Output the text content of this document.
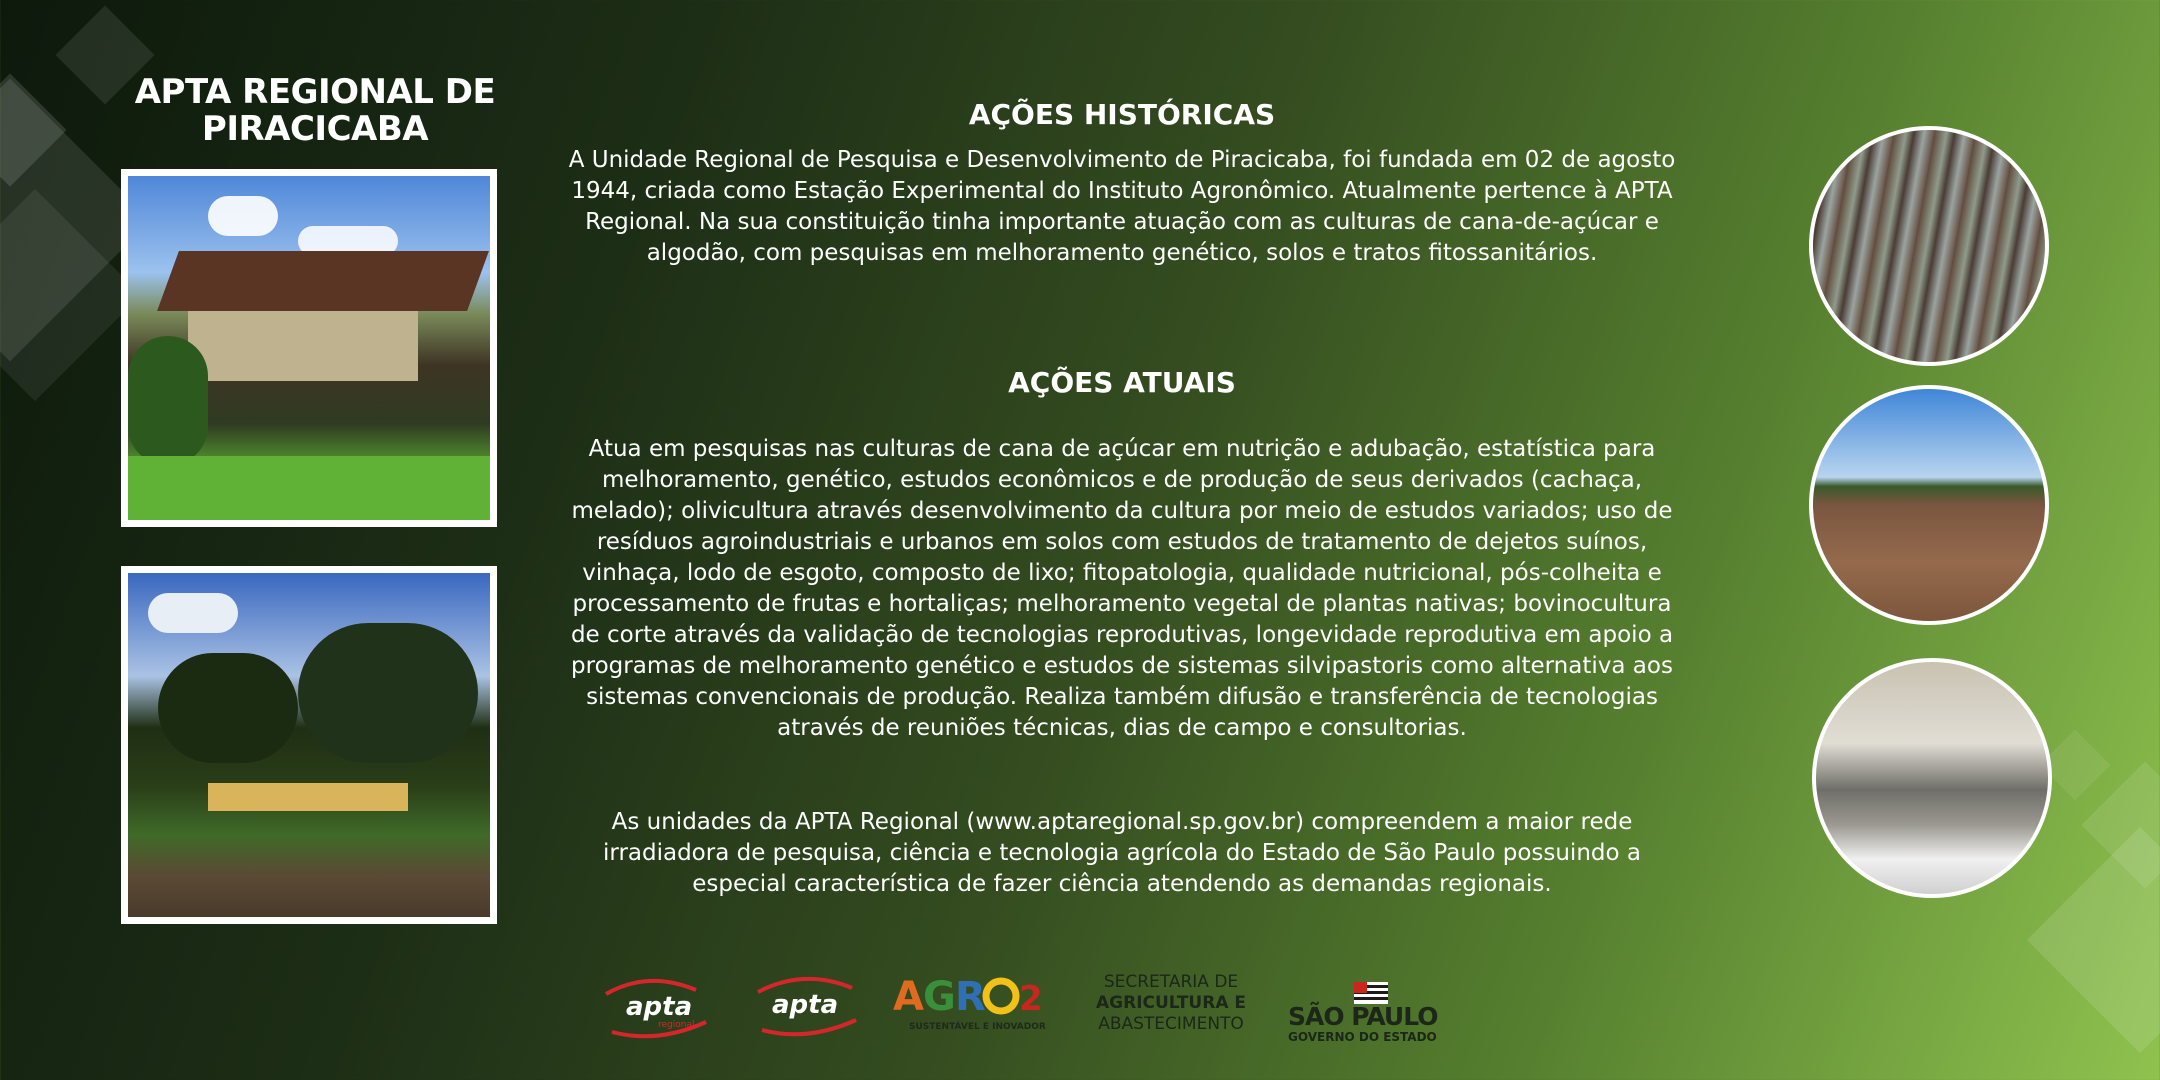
APTA REGIONAL DE PIRACICABA	AÇÕES HISTÓRICAS
A Unidade Regional de Pesquisa e Desenvolvimento de Piracicaba, foi fundada em 02 de agosto 1944, criada como Estação Experimental do Instituto Agronômico. Atualmente pertence à APTA Regional. Na sua constituição tinha importante atuação com as culturas de cana-de-açúcar e algodão, com pesquisas em melhoramento genético, solos e tratos fitossanitários.
AÇÕES ATUAIS
Atua em pesquisas nas culturas de cana de açúcar em nutrição e adubação, estatística para melhoramento, genético, estudos econômicos e de produção de seus derivados (cachaça, melado); olivicultura através desenvolvimento da cultura por meio de estudos variados; uso de resíduos agroindustriais e urbanos em solos com estudos de tratamento de dejetos suínos, vinhaça, lodo de esgoto, composto de lixo; fitopatologia, qualidade nutricional, pós-colheita e processamento de frutas e hortaliças; melhoramento vegetal de plantas nativas; bovinocultura de corte através da validação de tecnologias reprodutivas, longevidade reprodutiva em apoio a programas de melhoramento genético e estudos de sistemas silvipastoris como alternativa aos sistemas convencionais de produção. Realiza também difusão e transferência de tecnologias através de reuniões técnicas, dias de campo e consultorias.
As unidades da APTA Regional (www.aptaregional.sp.gov.br) compreendem a maior rede irradiadora de pesquisa, ciência e tecnologia agrícola do Estado de São Paulo possuindo a especial característica de fazer ciência atendendo as demandas regionais.
apta
regional
apta A G R 2
SUSTENTÁVEL E INOVADOR
SECRETARIA DE
AGRICULTURA E
ABASTECIMENTO SÃO PAULO
GOVERNO DO ESTADO
